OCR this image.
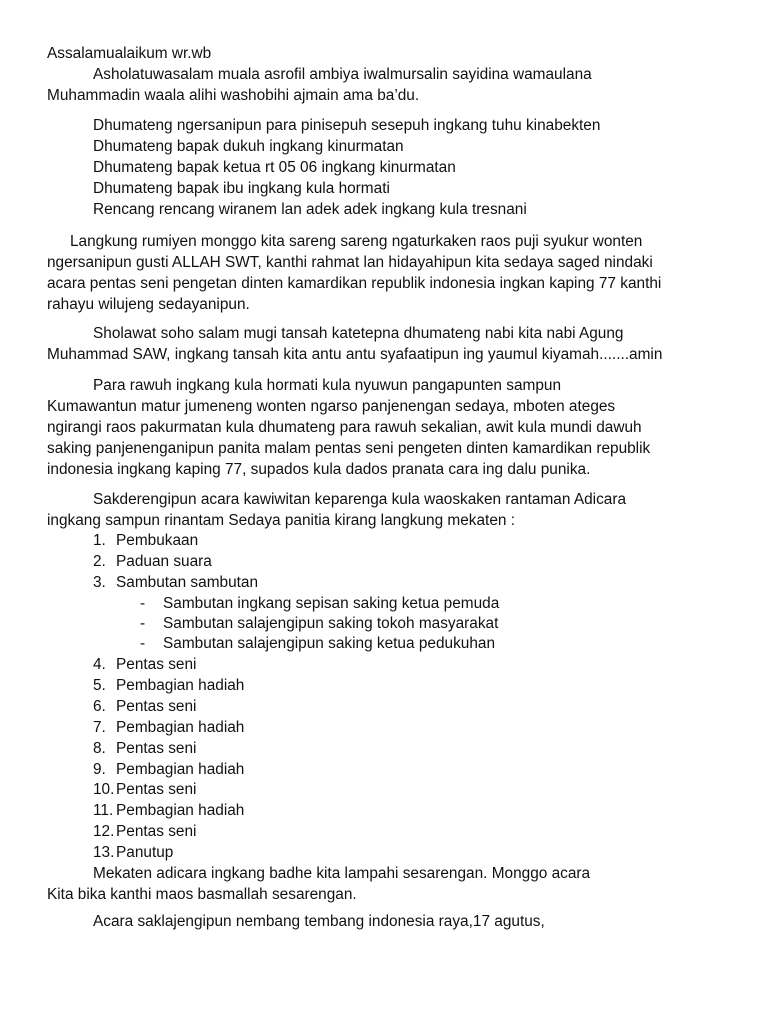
Assalamualaikum wr.wb
Asholatuwasalam muala asrofil ambiya iwalmursalin sayidina wamaulana
Muhammadin waala alihi washobihi ajmain ama ba’du.
Dhumateng ngersanipun para pinisepuh sesepuh ingkang tuhu kinabekten
Dhumateng bapak dukuh ingkang kinurmatan
Dhumateng bapak ketua rt 05 06 ingkang kinurmatan
Dhumateng bapak ibu ingkang kula hormati
Rencang rencang wiranem lan adek adek ingkang kula tresnani
Langkung rumiyen monggo kita sareng sareng ngaturkaken raos puji syukur wonten
ngersanipun gusti ALLAH SWT, kanthi rahmat lan hidayahipun kita sedaya saged nindaki
acara pentas seni pengetan dinten kamardikan republik indonesia ingkan kaping 77 kanthi
rahayu wilujeng sedayanipun.
Sholawat soho salam mugi tansah katetepna dhumateng nabi kita nabi Agung
Muhammad SAW, ingkang tansah kita antu antu syafaatipun ing yaumul kiyamah.......amin
Para rawuh ingkang kula hormati kula nyuwun pangapunten sampun
Kumawantun matur jumeneng wonten ngarso panjenengan sedaya, mboten ateges
ngirangi raos pakurmatan kula dhumateng para rawuh sekalian, awit kula mundi dawuh
saking panjenenganipun panita malam pentas seni pengeten dinten kamardikan republik
indonesia ingkang kaping 77, supados kula dados pranata cara ing dalu punika.
Sakderengipun acara kawiwitan keparenga kula waoskaken rantaman Adicara
ingkang sampun rinantam Sedaya panitia kirang langkung mekaten :
1. Pembukaan
2. Paduan suara
3. Sambutan sambutan
- Sambutan ingkang sepisan saking ketua pemuda
- Sambutan salajengipun saking tokoh masyarakat
- Sambutan salajengipun saking ketua pedukuhan
4. Pentas seni
5. Pembagian hadiah
6. Pentas seni
7. Pembagian hadiah
8. Pentas seni
9. Pembagian hadiah
10. Pentas seni
11. Pembagian hadiah
12. Pentas seni
13. Panutup
Mekaten adicara ingkang badhe kita lampahi sesarengan. Monggo acara
Kita bika kanthi maos basmallah sesarengan.
Acara saklajengipun nembang tembang indonesia raya,17 agutus,
